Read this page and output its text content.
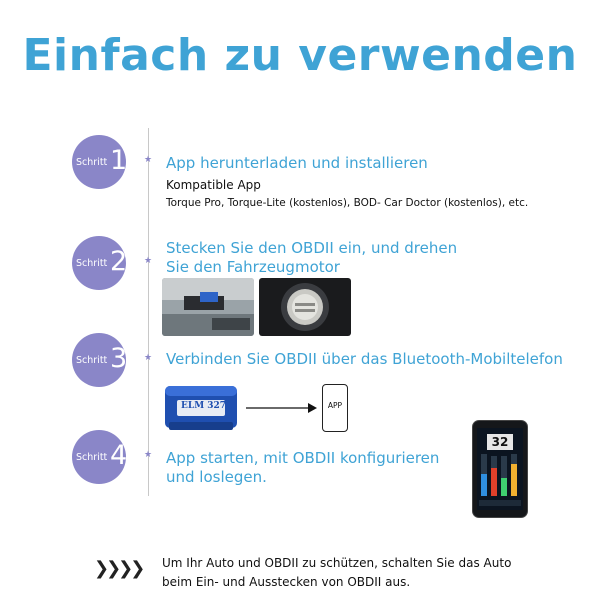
Einfach zu verwenden
Schritt 1 ★ App herunterladen und installieren
Kompatible App
Torque Pro, Torque-Lite (kostenlos), BOD- Car Doctor (kostenlos), etc.
Schritt 2 ★
Stecken Sie den OBDII ein, und drehen
Sie den Fahrzeugmotor
Schritt 3 ★ Verbinden Sie OBDII über das Bluetooth-Mobiltelefon
ELM 327	APP
Schritt 4 ★ App starten, mit OBDII konfigurieren
und loslegen.
32
❯❯❯❯ Um Ihr Auto und OBDII zu schützen, schalten Sie das Auto
beim Ein- und Ausstecken von OBDII aus.
